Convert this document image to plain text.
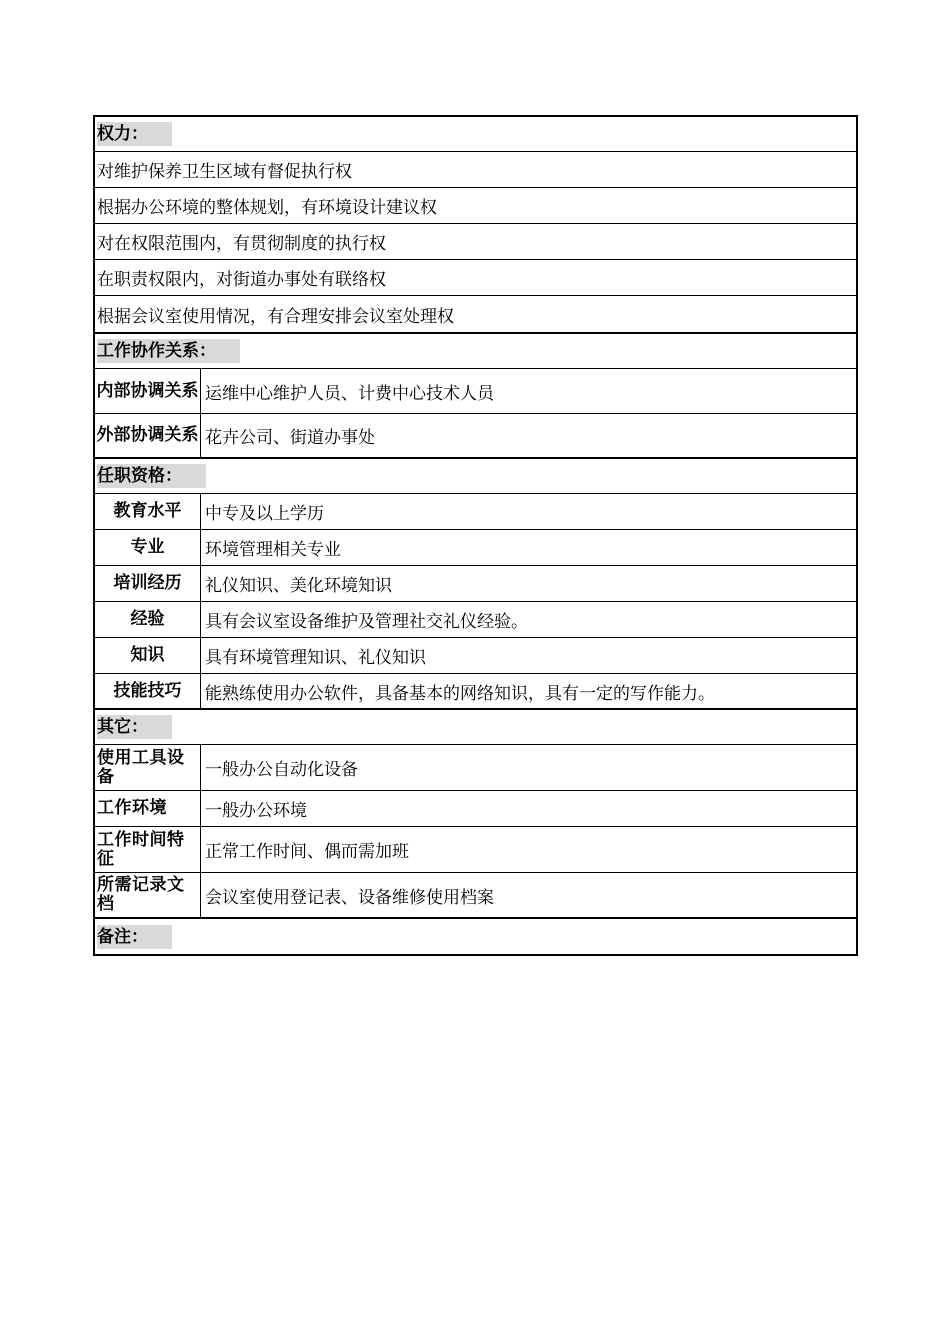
权力：
对维护保养卫生区域有督促执行权
根据办公环境的整体规划，有环境设计建议权
对在权限范围内，有贯彻制度的执行权
在职责权限内，对街道办事处有联络权
根据会议室使用情况，有合理安排会议室处理权
工作协作关系：
内部协调关系 运维中心维护人员、计费中心技术人员
外部协调关系 花卉公司、街道办事处
任职资格：
教育水平	中专及以上学历
专业	环境管理相关专业
培训经历	礼仪知识、美化环境知识
经验	具有会议室设备维护及管理社交礼仪经验。
知识	具有环境管理知识、礼仪知识
技能技巧	能熟练使用办公软件，具备基本的网络知识，具有一定的写作能力。
其它：
使用工具设备	一般办公自动化设备
工作环境	一般办公环境
工作时间特征	正常工作时间、偶而需加班
所需记录文档	会议室使用登记表、设备维修使用档案
备注：
